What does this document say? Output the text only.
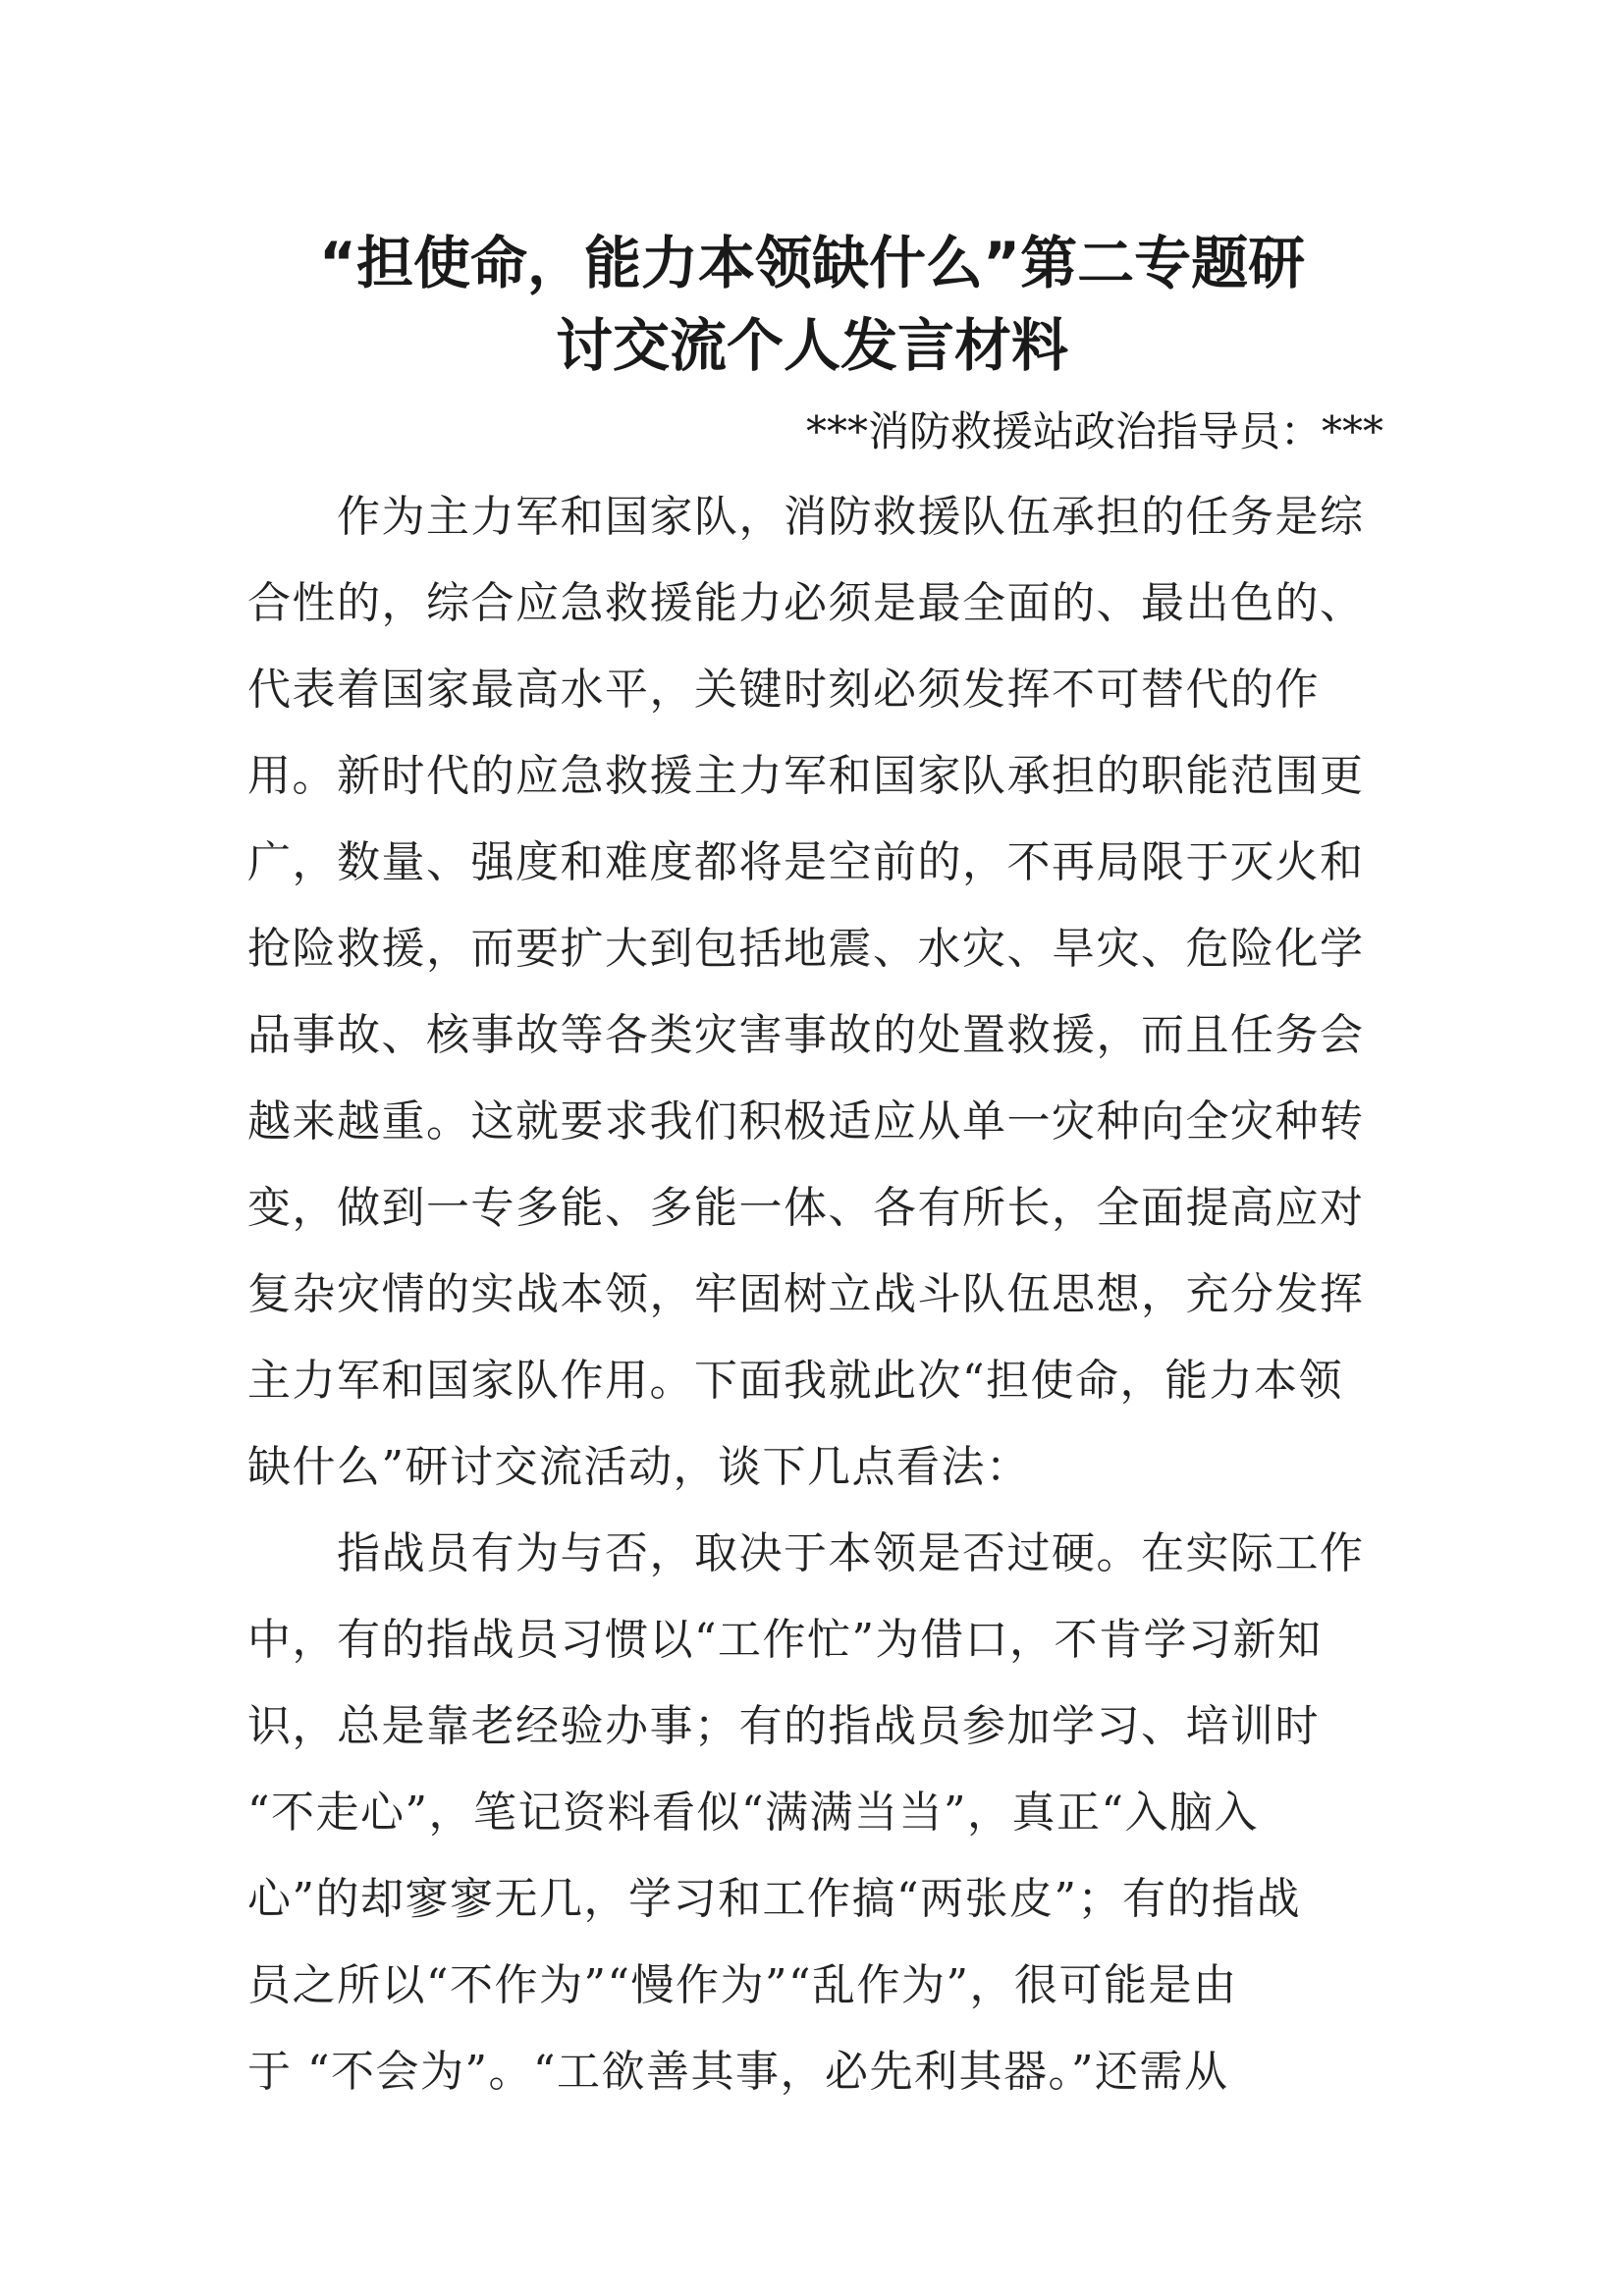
“担使命，能力本领缺什么”第二专题研
讨交流个人发言材料
***消防救援站政治指导员：***
　　作为主力军和国家队，消防救援队伍承担的任务是综
合性的，综合应急救援能力必须是最全面的、最出色的、
代表着国家最高水平，关键时刻必须发挥不可替代的作
用。新时代的应急救援主力军和国家队承担的职能范围更
广，数量、强度和难度都将是空前的，不再局限于灭火和
抢险救援，而要扩大到包括地震、水灾、旱灾、危险化学
品事故、核事故等各类灾害事故的处置救援，而且任务会
越来越重。这就要求我们积极适应从单一灾种向全灾种转
变，做到一专多能、多能一体、各有所长，全面提高应对
复杂灾情的实战本领，牢固树立战斗队伍思想，充分发挥
主力军和国家队作用。下面我就此次“担使命，能力本领
缺什么”研讨交流活动，谈下几点看法：
　　指战员有为与否，取决于本领是否过硬。在实际工作
中，有的指战员习惯以“工作忙”为借口，不肯学习新知
识，总是靠老经验办事；有的指战员参加学习、培训时
“不走心”，笔记资料看似“满满当当”，真正“入脑入
心”的却寥寥无几，学习和工作搞“两张皮”；有的指战
员之所以“不作为”“慢作为”“乱作为”，很可能是由
于 “不会为”。“工欲善其事，必先利其器。”还需从
